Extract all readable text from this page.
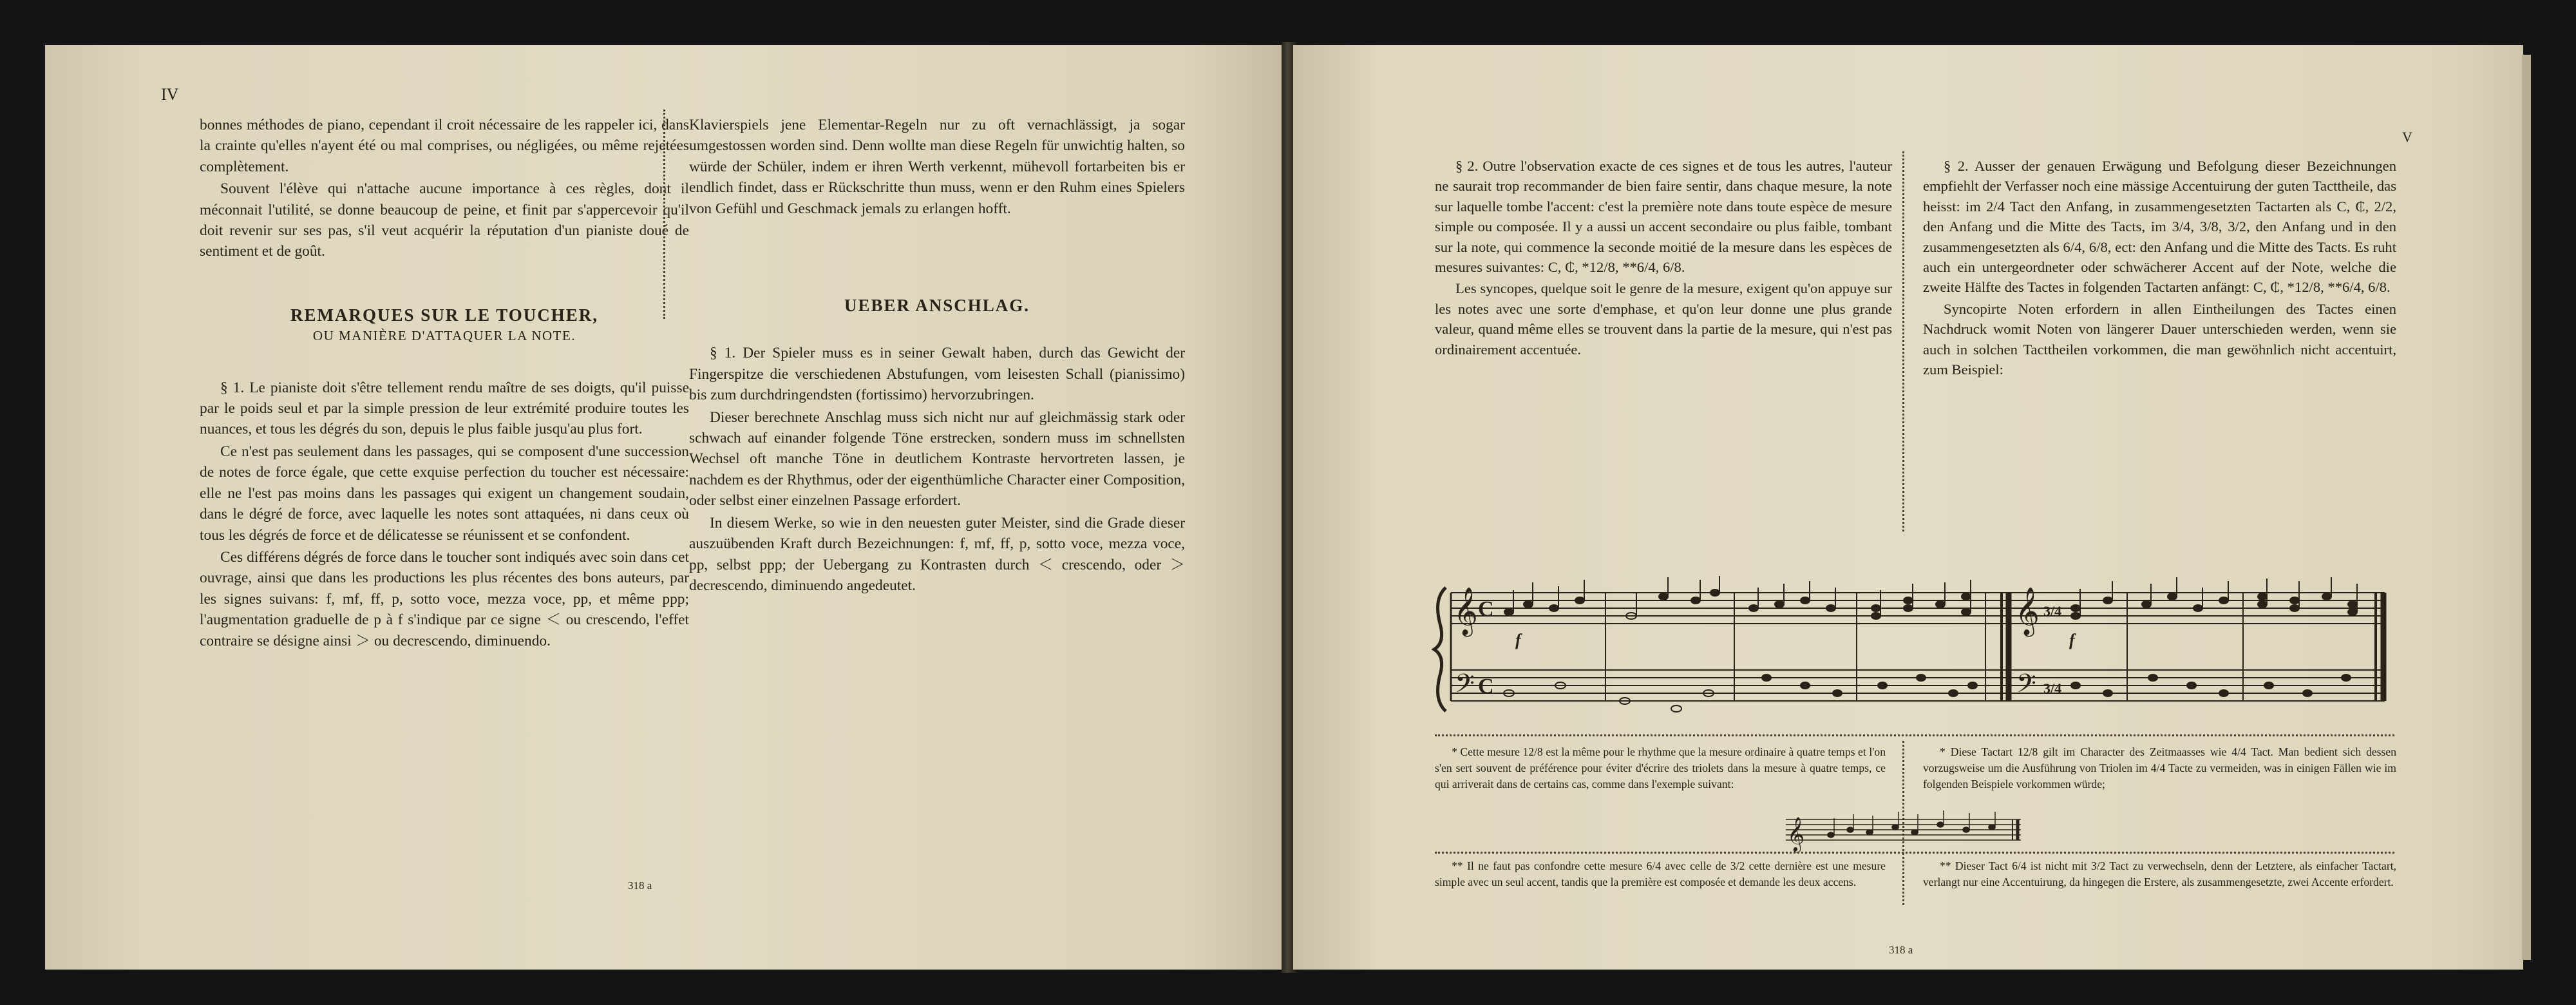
IV

bonnes méthodes de piano, cependant il croit nécessaire de les rappeler ici, dans la crainte qu'elles n'ayent été ou mal comprises, ou négligées, ou même rejetées complètement.

Souvent l'élève qui n'attache aucune importance à ces règles, dont il méconnait l'utilité, se donne beaucoup de peine, et finit par s'appercevoir qu'il doit revenir sur ses pas, s'il veut acquérir la réputation d'un pianiste doué de sentiment et de goût.

REMARQUES SUR LE TOUCHER,
OU MANIÈRE D'ATTAQUER LA NOTE.

§ 1. Le pianiste doit s'être tellement rendu maître de ses doigts, qu'il puisse par le poids seul et par la simple pression de leur extrémité produire toutes les nuances, et tous les dégrés du son, depuis le plus faible jusqu'au plus fort.

Ce n'est pas seulement dans les passages, qui se composent d'une succession de notes de force égale, que cette exquise perfection du toucher est nécessaire: elle ne l'est pas moins dans les passages qui exigent un changement soudain, dans le dégré de force, avec laquelle les notes sont attaquées, ni dans ceux où tous les dégrés de force et de délicatesse se réunissent et se confondent.

Ces différens dégrés de force dans le toucher sont indiqués avec soin dans cet ouvrage, ainsi que dans les productions les plus récentes des bons auteurs, par les signes suivans: f, mf, ff, p, sotto voce, mezza voce, pp, et même ppp; l'augmentation graduelle de p à f s'indique par ce signe ＜ ou crescendo, l'effet contraire se désigne ainsi ＞ ou decrescendo, diminuendo.

Klavierspiels jene Elementar-Regeln nur zu oft vernachlässigt, ja sogar umgestossen worden sind. Denn wollte man diese Regeln für unwichtig halten, so würde der Schüler, indem er ihren Werth verkennt, mühevoll fortarbeiten bis er endlich findet, dass er Rückschritte thun muss, wenn er den Ruhm eines Spielers von Gefühl und Geschmack jemals zu erlangen hofft.

UEBER ANSCHLAG.

§ 1. Der Spieler muss es in seiner Gewalt haben, durch das Gewicht der Fingerspitze die verschiedenen Abstufungen, vom leisesten Schall (pianissimo) bis zum durchdringendsten (fortissimo) hervorzubringen.

Dieser berechnete Anschlag muss sich nicht nur auf gleichmässig stark oder schwach auf einander folgende Töne erstrecken, sondern muss im schnellsten Wechsel oft manche Töne in deutlichem Kontraste hervortreten lassen, je nachdem es der Rhythmus, oder der eigenthümliche Character einer Composition, oder selbst einer einzelnen Passage erfordert.

In diesem Werke, so wie in den neuesten guter Meister, sind die Grade dieser auszuübenden Kraft durch Bezeichnungen: f, mf, ff, p, sotto voce, mezza voce, pp, selbst ppp; der Uebergang zu Kontrasten durch ＜ crescendo, oder ＞ decrescendo, diminuendo angedeutet.

318 a
V

§ 2. Outre l'observation exacte de ces signes et de tous les autres, l'auteur ne saurait trop recommander de bien faire sentir, dans chaque mesure, la note sur laquelle tombe l'accent: c'est la première note dans toute espèce de mesure simple ou composée. Il y a aussi un accent secondaire ou plus faible, tombant sur la note, qui commence la seconde moitié de la mesure dans les espèces de mesures suivantes: C, ₵, *12/8, **6/4, 6/8.

Les syncopes, quelque soit le genre de la mesure, exigent qu'on appuye sur les notes avec une sorte d'emphase, et qu'on leur donne une plus grande valeur, quand même elles se trouvent dans la partie de la mesure, qui n'est pas ordinairement accentuée.

§ 2. Ausser der genauen Erwägung und Befolgung dieser Bezeichnungen empfiehlt der Verfasser noch eine mässige Accentuirung der guten Tacttheile, das heisst: im 2/4 Tact den Anfang, in zusammengesetzten Tactarten als C, ₵, 2/2, den Anfang und die Mitte des Tacts, im 3/4, 3/8, 3/2, den Anfang und in den zusammengesetzten als 6/4, 6/8, ect: den Anfang und die Mitte des Tacts. Es ruht auch ein untergeordneter oder schwächerer Accent auf der Note, welche die zweite Hälfte des Tactes in folgenden Tactarten anfängt: C, ₵, *12/8, **6/4, 6/8.

Syncopirte Noten erfordern in allen Eintheilungen des Tactes einen Nachdruck womit Noten von längerer Dauer unterschieden werden, wenn sie auch in solchen Tacttheilen vorkommen, die man gewöhnlich nicht accentuirt, zum Beispiel:

𝄞
𝄢
𝄞
𝄢
C
C
3/4
3/4
f	f

* Cette mesure 12/8 est la même pour le rhythme que la mesure ordinaire à quatre temps et l'on s'en sert souvent de préférence pour éviter d'écrire des triolets dans la mesure à quatre temps, ce qui arriverait dans de certains cas, comme dans l'exemple suivant:

* Diese Tactart 12/8 gilt im Character des Zeitmaasses wie 4/4 Tact. Man bedient sich dessen vorzugsweise um die Ausführung von Triolen im 4/4 Tacte zu vermeiden, was in einigen Fällen wie im folgenden Beispiele vorkommen würde;

𝄞

** Il ne faut pas confondre cette mesure 6/4 avec celle de 3/2 cette dernière est une mesure simple avec un seul accent, tandis que la première est composée et demande les deux accens.

** Dieser Tact 6/4 ist nicht mit 3/2 Tact zu verwechseln, denn der Letztere, als einfacher Tactart, verlangt nur eine Accentuirung, da hingegen die Erstere, als zusammengesetzte, zwei Accente erfordert.

318 a
